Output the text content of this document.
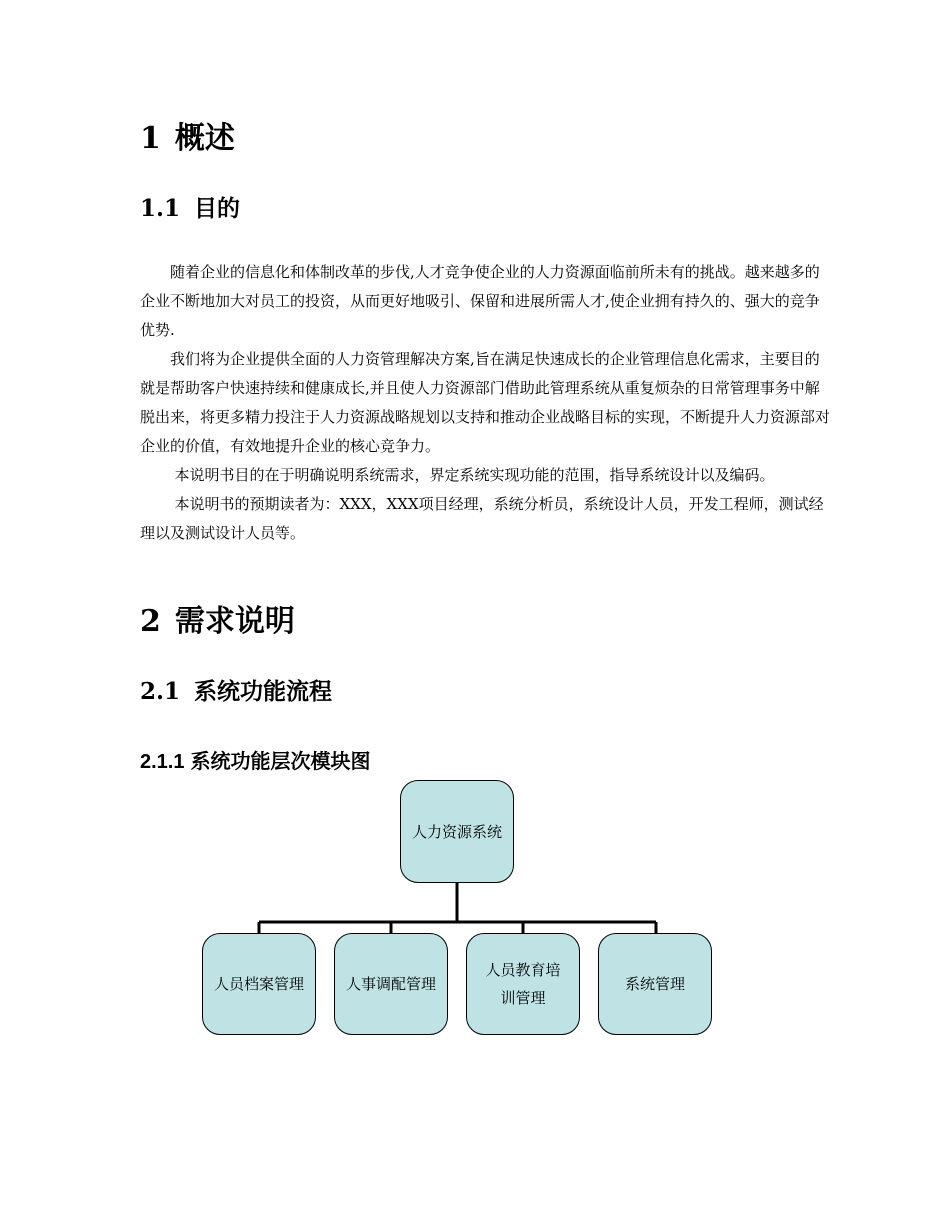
1 概述
1.1 目的

随着企业的信息化和体制改革的步伐,人才竞争使企业的人力资源面临前所未有的挑战。越来越多的企业不断地加大对员工的投资，从而更好地吸引、保留和进展所需人才,使企业拥有持久的、强大的竞争优势.

我们将为企业提供全面的人力资管理解决方案,旨在满足快速成长的企业管理信息化需求，主要目的就是帮助客户快速持续和健康成长,并且使人力资源部门借助此管理系统从重复烦杂的日常管理事务中解脱出来，将更多精力投注于人力资源战略规划以支持和推动企业战略目标的实现，不断提升人力资源部对企业的价值，有效地提升企业的核心竞争力。

本说明书目的在于明确说明系统需求，界定系统实现功能的范围，指导系统设计以及编码。

本说明书的预期读者为：XXX，XXX项目经理，系统分析员，系统设计人员，开发工程师，测试经理以及测试设计人员等。

2 需求说明
2.1 系统功能流程
2.1.1 系统功能层次模块图
人力资源系统
人员档案管理	人事调配管理
人员教育培训管理
系统管理
